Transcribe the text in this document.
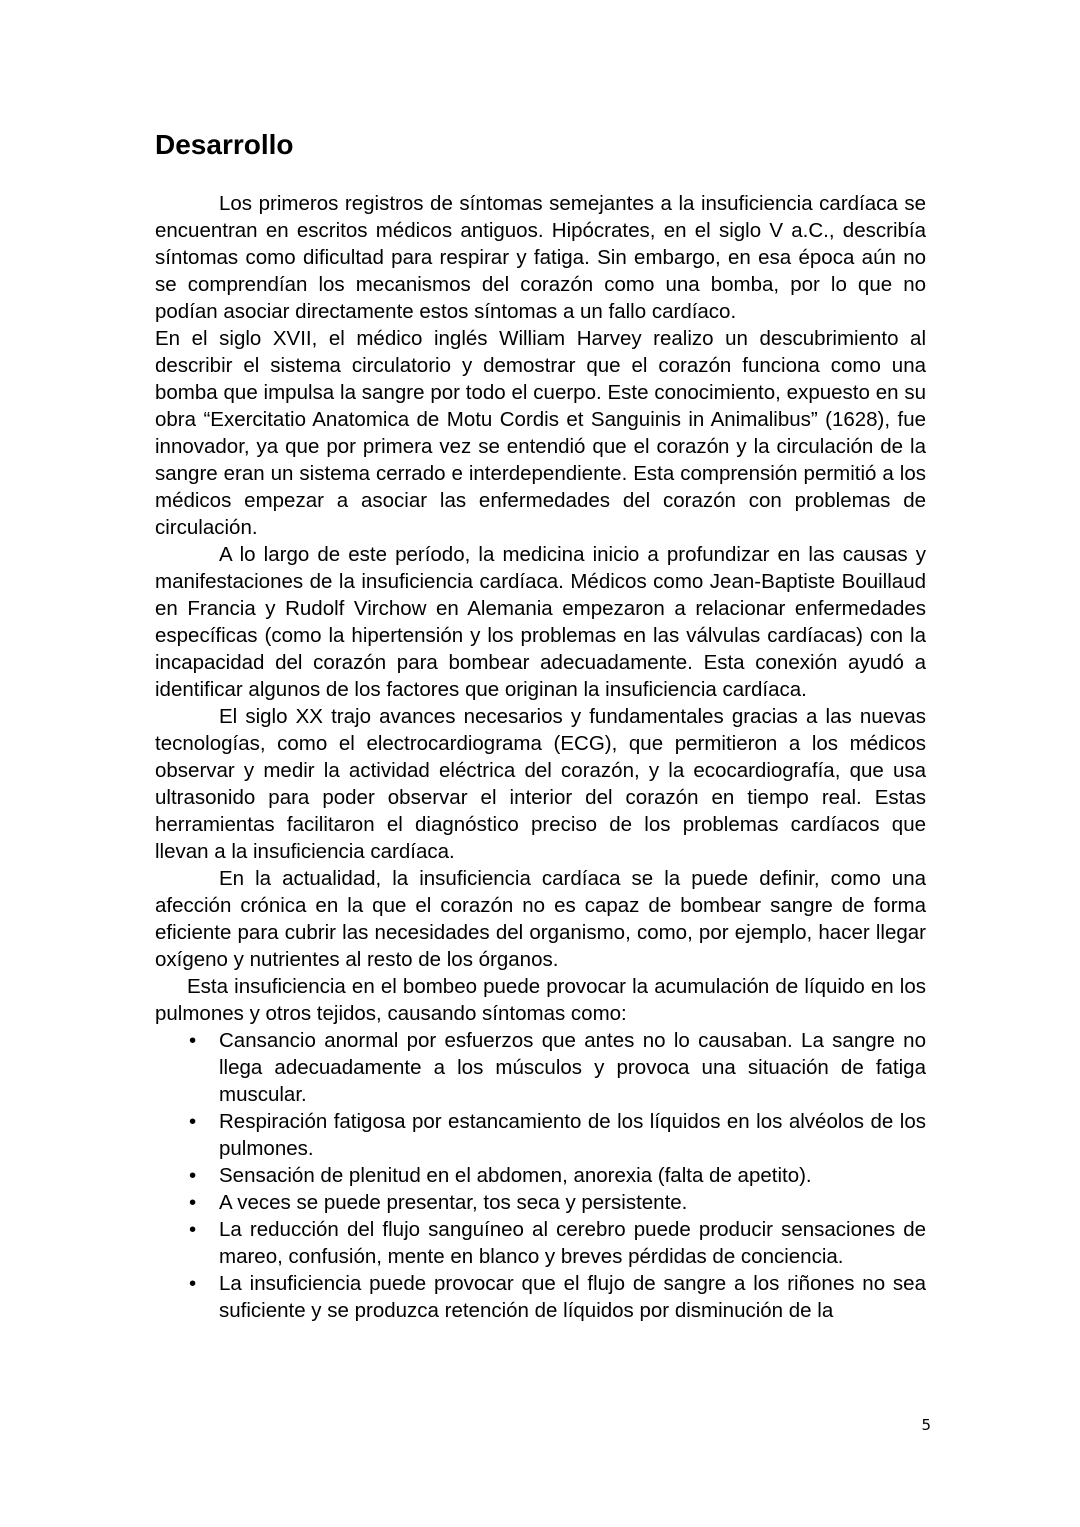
Desarrollo

Los primeros registros de síntomas semejantes a la insuficiencia cardíaca se encuentran en escritos médicos antiguos. Hipócrates, en el siglo V a.C., describía síntomas como dificultad para respirar y fatiga. Sin embargo, en esa época aún no se comprendían los mecanismos del corazón como una bomba, por lo que no podían asociar directamente estos síntomas a un fallo cardíaco.

En el siglo XVII, el médico inglés William Harvey realizo un descubrimiento al describir el sistema circulatorio y demostrar que el corazón funciona como una bomba que impulsa la sangre por todo el cuerpo. Este conocimiento, expuesto en su obra “Exercitatio Anatomica de Motu Cordis et Sanguinis in Animalibus” (1628), fue innovador, ya que por primera vez se entendió que el corazón y la circulación de la sangre eran un sistema cerrado e interdependiente. Esta comprensión permitió a los médicos empezar a asociar las enfermedades del corazón con problemas de circulación.

A lo largo de este período, la medicina inicio a profundizar en las causas y manifestaciones de la insuficiencia cardíaca. Médicos como Jean-Baptiste Bouillaud en Francia y Rudolf Virchow en Alemania empezaron a relacionar enfermedades específicas (como la hipertensión y los problemas en las válvulas cardíacas) con la incapacidad del corazón para bombear adecuadamente. Esta conexión ayudó a identificar algunos de los factores que originan la insuficiencia cardíaca.

El siglo XX trajo avances necesarios y fundamentales gracias a las nuevas tecnologías, como el electrocardiograma (ECG), que permitieron a los médicos observar y medir la actividad eléctrica del corazón, y la ecocardiografía, que usa ultrasonido para poder observar el interior del corazón en tiempo real. Estas herramientas facilitaron el diagnóstico preciso de los problemas cardíacos que llevan a la insuficiencia cardíaca.

En la actualidad, la insuficiencia cardíaca se la puede definir, como una afección crónica en la que el corazón no es capaz de bombear sangre de forma eficiente para cubrir las necesidades del organismo, como, por ejemplo, hacer llegar oxígeno y nutrientes al resto de los órganos.

Esta insuficiencia en el bombeo puede provocar la acumulación de líquido en los pulmones y otros tejidos, causando síntomas como:

• Cansancio anormal por esfuerzos que antes no lo causaban. La sangre no llega adecuadamente a los músculos y provoca una situación de fatiga muscular.
• Respiración fatigosa por estancamiento de los líquidos en los alvéolos de los pulmones.
• Sensación de plenitud en el abdomen, anorexia (falta de apetito).
• A veces se puede presentar, tos seca y persistente.
• La reducción del flujo sanguíneo al cerebro puede producir sensaciones de mareo, confusión, mente en blanco y breves pérdidas de conciencia.
• La insuficiencia puede provocar que el flujo de sangre a los riñones no sea suficiente y se produzca retención de líquidos por disminución de la
5
